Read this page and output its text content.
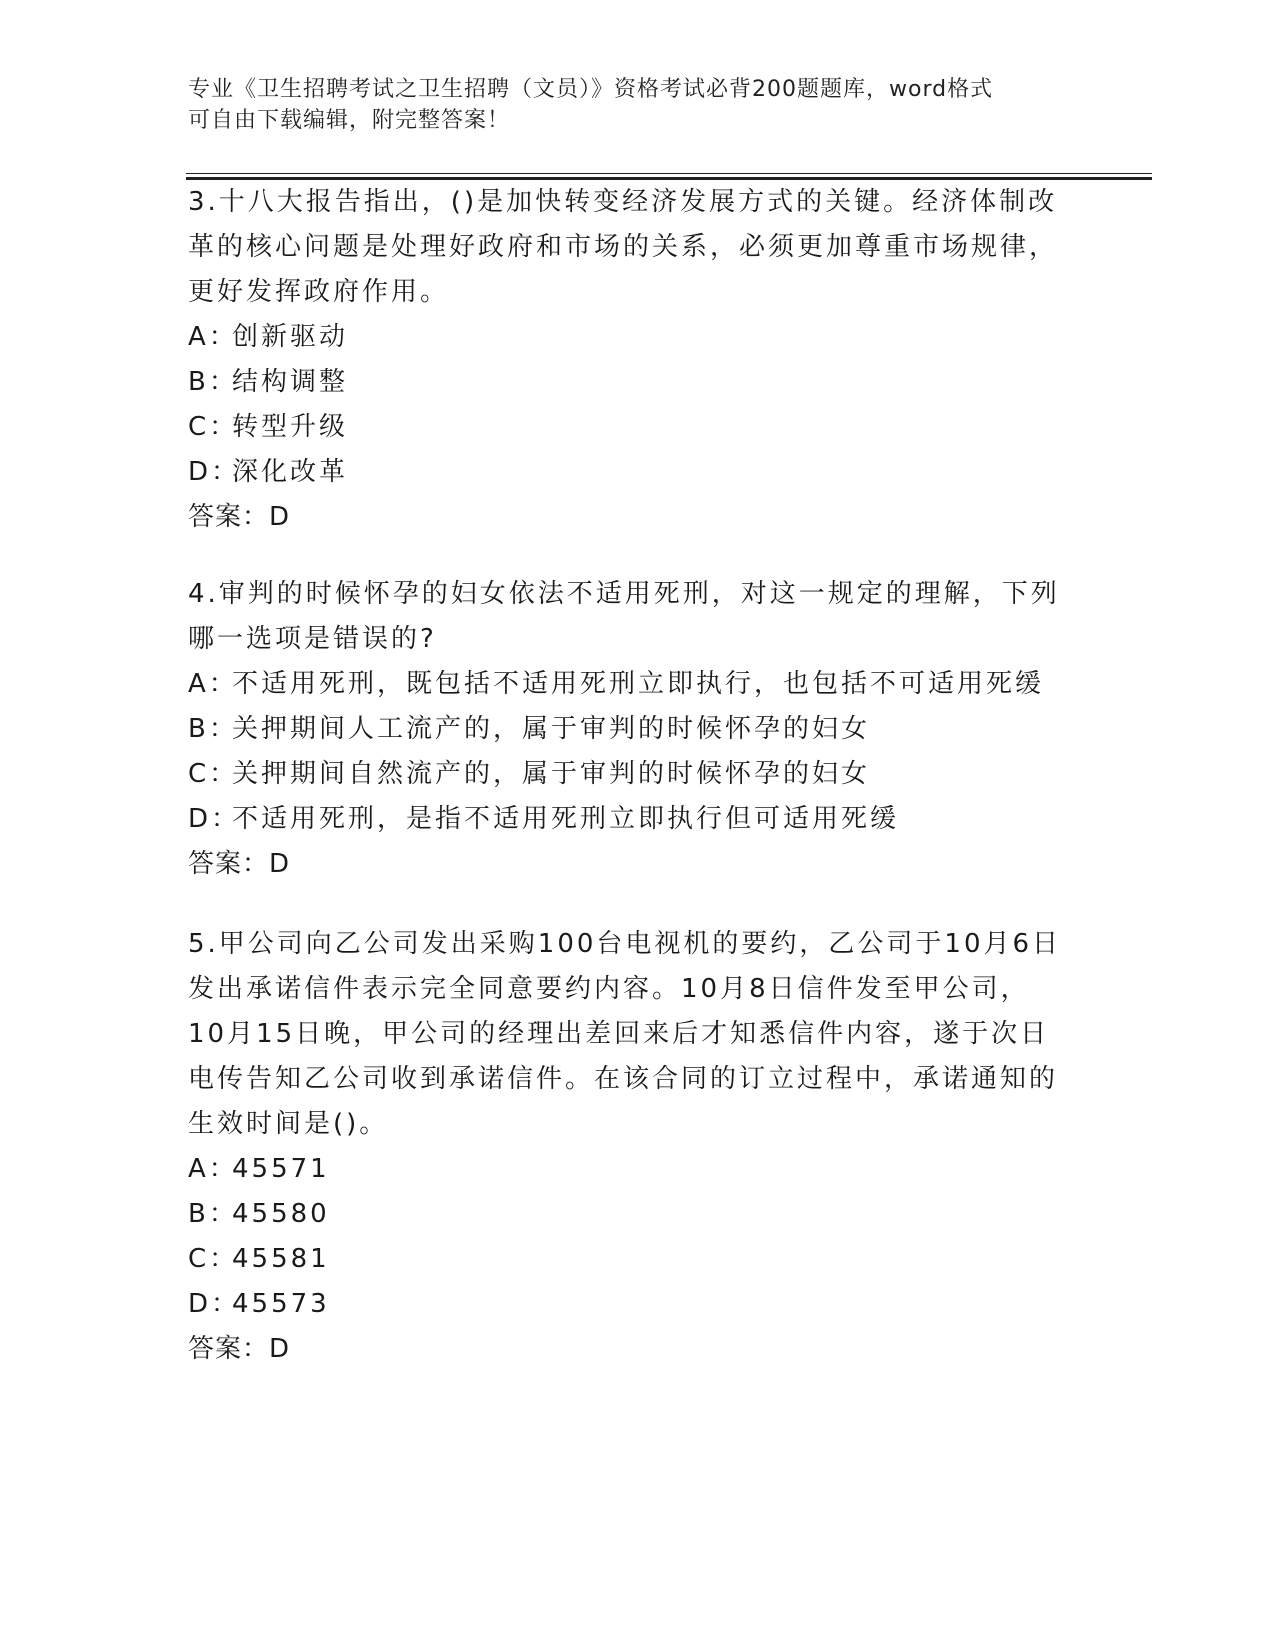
专业《卫生招聘考试之卫生招聘（文员）》资格考试必背200题题库，word格式
可自由下载编辑，附完整答案！

3.十八大报告指出，()是加快转变经济发展方式的关键。经济体制改革的核心问题是处理好政府和市场的关系，必须更加尊重市场规律，更好发挥政府作用。

A：创新驱动

B：结构调整

C：转型升级

D：深化改革

答案：D

4.审判的时候怀孕的妇女依法不适用死刑，对这一规定的理解，下列哪一选项是错误的?

A：不适用死刑，既包括不适用死刑立即执行，也包括不可适用死缓

B：关押期间人工流产的，属于审判的时候怀孕的妇女

C：关押期间自然流产的，属于审判的时候怀孕的妇女

D：不适用死刑，是指不适用死刑立即执行但可适用死缓

答案：D

5.甲公司向乙公司发出采购100台电视机的要约，乙公司于10月6日发出承诺信件表示完全同意要约内容。10月8日信件发至甲公司，10月15日晚，甲公司的经理出差回来后才知悉信件内容，遂于次日电传告知乙公司收到承诺信件。在该合同的订立过程中，承诺通知的生效时间是()。

A：45571

B：45580

C：45581

D：45573

答案：D
